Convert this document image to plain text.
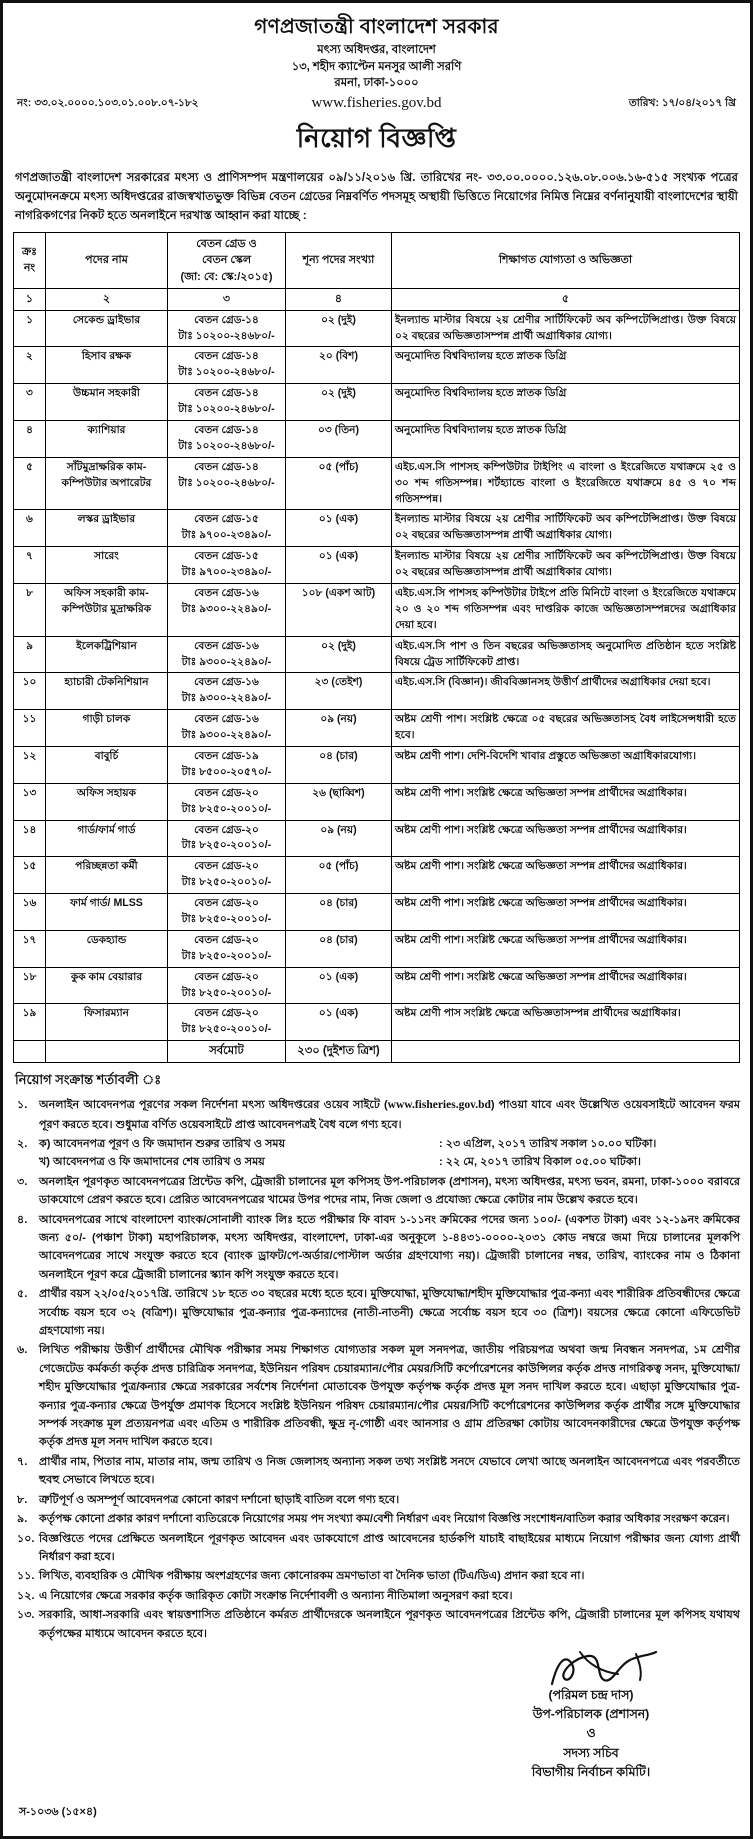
গণপ্রজাতন্ত্রী বাংলাদেশ সরকার
মৎস্য অধিদপ্তর, বাংলাদেশ
১৩, শহীদ ক্যাপ্টেন মনসুর আলী সরণি
রমনা, ঢাকা-১০০০
www.fisheries.gov.bd
নং: ৩৩.০২.০০০০.১০৩.০১.০০৮.০৭-১৮২	তারিখ: ১৭/০৪/২০১৭ খ্রি
নিয়োগ বিজ্ঞপ্তি
গণপ্রজাতন্ত্রী বাংলাদেশ সরকারের মৎস্য ও প্রাণিসম্পদ মন্ত্রণালয়ের ০৯/১১/২০১৬ খ্রি. তারিখের নং- ৩৩.০০.০০০০.১২৬.০৮.০০৬.১৬-৫১৫ সংখ্যক পত্রের অনুমোদনক্রমে মৎস্য অধিদপ্তরের রাজস্বখাতভুক্ত বিভিন্ন বেতন গ্রেডের নিম্নবর্ণিত পদসমূহ অস্থায়ী ভিত্তিতে নিয়োগের নিমিত্ত নিম্নের বর্ণনানুযায়ী বাংলাদেশের স্থায়ী নাগরিকগণের নিকট হতে অনলাইনে দরখাস্ত আহ্বান করা যাচ্ছে :
ক্রঃ
নং	পদের নাম	বেতন গ্রেড ও
বেতন স্কেল
(জা: বে: স্কে:/২০১৫)	শূন্য পদের সংখ্যা	শিক্ষাগত যোগ্যতা ও অভিজ্ঞতা
১	২	৩	৪	৫
১	সেকেন্ড ড্রাইভার	বেতন গ্রেড-১৪
টাঃ ১০২০০-২৪৬৮০/-	০২ (দুই)	ইনল্যান্ড মাস্টার বিষয়ে ২য় শ্রেণীর সার্টিফিকেট অব কম্পিটেন্সিপ্রাপ্ত। উক্ত বিষয়ে ০২ বছরের অভিজ্ঞতাসম্পন্ন প্রার্থী অগ্রাধিকার যোগ্য।
২	হিসাব রক্ষক	বেতন গ্রেড-১৪
টাঃ ১০২০০-২৪৬৮০/-	২০ (বিশ)	অনুমোদিত বিশ্ববিদ্যালয় হতে স্নাতক ডিগ্রি
৩	উচ্চমান সহকারী	বেতন গ্রেড-১৪
টাঃ ১০২০০-২৪৬৮০/-	০২ (দুই)	অনুমোদিত বিশ্ববিদ্যালয় হতে স্নাতক ডিগ্রি
৪	ক্যাশিয়ার	বেতন গ্রেড-১৪
টাঃ ১০২০০-২৪৬৮০/-	০৩ (তিন)	অনুমোদিত বিশ্ববিদ্যালয় হতে স্নাতক ডিগ্রি
৫	সাঁটমুদ্রাক্ষরিক কাম-কম্পিউটার অপারেটর	বেতন গ্রেড-১৪
টাঃ ১০২০০-২৪৬৮০/-	০৫ (পাঁচ)	এইচ.এস.সি পাশসহ কম্পিউটার টাইপিং এ বাংলা ও ইংরেজিতে যথাক্রমে ২৫ ও ৩০ শব্দ গতিসম্পন্ন। শর্টহ্যান্ডে বাংলা ও ইংরেজিতে যথাক্রমে ৪৫ ও ৭০ শব্দ গতিসম্পন্ন।
৬	লস্কর ড্রাইভার	বেতন গ্রেড-১৫
টাঃ ৯৭০০-২৩৪৯০/-	০১ (এক)	ইনল্যান্ড মাস্টার বিষয়ে ২য় শ্রেণীর সার্টিফিকেট অব কম্পিটেন্সিপ্রাপ্ত। উক্ত বিষয়ে ০২ বছরের অভিজ্ঞতাসম্পন্ন প্রার্থী অগ্রাধিকার যোগ্য।
৭	সারেং	বেতন গ্রেড-১৫
টাঃ ৯৭০০-২৩৪৯০/-	০১ (এক)	ইনল্যান্ড মাস্টার বিষয়ে ২য় শ্রেণীর সার্টিফিকেট অব কম্পিটেন্সিপ্রাপ্ত। উক্ত বিষয়ে ০২ বছরের অভিজ্ঞতাসম্পন্ন প্রার্থী অগ্রাধিকার যোগ্য।
৮	অফিস সহকারী কাম-কম্পিউটার মুদ্রাক্ষরিক	বেতন গ্রেড-১৬
টাঃ ৯৩০০-২২৪৯০/-	১০৮ (একশ আট)	এইচ.এস.সি পাশসহ কম্পিউটার টাইপে প্রতি মিনিটে বাংলা ও ইংরেজিতে যথাক্রমে ২০ ও ২০ শব্দ গতিসম্পন্ন এবং দাপ্তরিক কাজে অভিজ্ঞতাসম্পন্নদের অগ্রাধিকার দেয়া হবে।
৯	ইলেকট্রিশিয়ান	বেতন গ্রেড-১৬
টাঃ ৯৩০০-২২৪৯০/-	০২ (দুই)	এইচ.এস.সি পাশ ও তিন বছরের অভিজ্ঞতাসহ অনুমোদিত প্রতিষ্ঠান হতে সংশ্লিষ্ট বিষয়ে ট্রেড সার্টিফিকেট প্রাপ্ত।
১০	হ্যাচারী টেকনিশিয়ান	বেতন গ্রেড-১৬
টাঃ ৯৩০০-২২৪৯০/-	২৩ (তেইশ)	এইচ.এস.সি (বিজ্ঞান)। জীববিজ্ঞানসহ উত্তীর্ণ প্রার্থীদের অগ্রাধিকার দেয়া হবে।
১১	গাড়ী চালক	বেতন গ্রেড-১৬
টাঃ ৯৩০০-২২৪৯০/-	০৯ (নয়)	অষ্টম শ্রেণী পাশ। সংশ্লিষ্ট ক্ষেত্রে ০৫ বছরের অভিজ্ঞতাসহ বৈধ লাইসেন্সধারী হতে হবে।
১২	বাবুর্চি	বেতন গ্রেড-১৯
টাঃ ৮৫০০-২০৫৭০/-	০৪ (চার)	অষ্টম শ্রেণী পাশ। দেশি-বিদেশি খাবার প্রস্তুতে অভিজ্ঞতা অগ্রাধিকারযোগ্য।
১৩	অফিস সহায়ক	বেতন গ্রেড-২০
টাঃ ৮২৫০-২০০১০/-	২৬ (ছাব্বিশ)	অষ্টম শ্রেণী পাশ। সংশ্লিষ্ট ক্ষেত্রে অভিজ্ঞতা সম্পন্ন প্রার্থীদের অগ্রাধিকার।
১৪	গার্ড/ফার্ম গার্ড	বেতন গ্রেড-২০
টাঃ ৮২৫০-২০০১০/-	০৯ (নয়)	অষ্টম শ্রেণী পাশ। সংশ্লিষ্ট ক্ষেত্রে অভিজ্ঞতা সম্পন্ন প্রার্থীদের অগ্রাধিকার।
১৫	পরিচ্ছন্নতা কর্মী	বেতন গ্রেড-২০
টাঃ ৮২৫০-২০০১০/-	০৫ (পাঁচ)	অষ্টম শ্রেণী পাশ। সংশ্লিষ্ট ক্ষেত্রে অভিজ্ঞতা সম্পন্ন প্রার্থীদের অগ্রাধিকার।
১৬	ফার্ম গার্ড/ MLSS	বেতন গ্রেড-২০
টাঃ ৮২৫০-২০০১০/-	০৪ (চার)	অষ্টম শ্রেণী পাশ। সংশ্লিষ্ট ক্ষেত্রে অভিজ্ঞতা সম্পন্ন প্রার্থীদের অগ্রাধিকার।
১৭	ডেকহ্যান্ড	বেতন গ্রেড-২০
টাঃ ৮২৫০-২০০১০/-	০৪ (চার)	অষ্টম শ্রেণী পাশ। সংশ্লিষ্ট ক্ষেত্রে অভিজ্ঞতা সম্পন্ন প্রার্থীদের অগ্রাধিকার।
১৮	কুক কাম বেয়ারার	বেতন গ্রেড-২০
টাঃ ৮২৫০-২০০১০/-	০১ (এক)	অষ্টম শ্রেণী পাশ। সংশ্লিষ্ট ক্ষেত্রে অভিজ্ঞতা সম্পন্ন প্রার্থীদের অগ্রাধিকার।
১৯	ফিসারম্যান	বেতন গ্রেড-২০
টাঃ ৮২৫০-২০০১০/-	০১ (এক)	অষ্টম শ্রেণী পাস সংশ্লিষ্ট ক্ষেত্রে অভিজ্ঞতাসম্পন্ন প্রার্থীদের অগ্রাধিকার।
		সর্বমোট	২৩০ (দুইশত ত্রিশ)	
নিয়োগ সংক্রান্ত শর্তাবলী ঃ
১.	অনলাইন আবেদনপত্র পূরণের সকল নির্দেশনা মৎস্য অধিদপ্তরের ওয়েব সাইটে (www.fisheries.gov.bd) পাওয়া যাবে এবং উল্লেখিত ওয়েবসাইটে আবেদন ফরম পূরণ করতে হবে। শুধুমাত্র বর্ণিত ওয়েবসাইটে প্রাপ্ত আবেদনপত্রই বৈধ বলে গণ্য হবে।
২.	ক) আবেদনপত্র পূরণ ও ফি জমাদান শুরুর তারিখ ও সময়	: ২৩ এপ্রিল, ২০১৭ তারিখ সকাল ১০.০০ ঘটিকা।
খ) আবেদনপত্র ও ফি জমাদানের শেষ তারিখ ও সময়	: ২২ মে, ২০১৭ তারিখ বিকাল ০৫.০০ ঘটিকা।
৩.	অনলাইন পূরণকৃত আবেদনপত্রের প্রিন্টেড কপি, ট্রেজারী চালানের মূল কপিসহ উপ-পরিচালক (প্রশাসন), মৎস্য অধিদপ্তর, মৎস্য ভবন, রমনা, ঢাকা-১০০০ বরাবরে ডাকযোগে প্রেরণ করতে হবে। প্রেরিত আবেদনপত্রের খামের উপর পদের নাম, নিজ জেলা ও প্রযোজ্য ক্ষেত্রে কোটার নাম উল্লেখ করতে হবে।
৪.	আবেদনপত্রের সাথে বাংলাদেশ ব্যাংক/সোনালী ব্যাংক লিঃ হতে পরীক্ষার ফি বাবদ ১-১১নং ক্রমিকের পদের জন্য ১০০/- (একশত টাকা) এবং ১২-১৯নং ক্রমিকের জন্য ৫০/- (পঞ্চাশ টাকা) মহাপরিচালক, মৎস্য অধিদপ্তর, বাংলাদেশ, ঢাকা-এর অনুকূলে ১-৪৪৩১-০০০০-২০৩১ কোড নম্বরে জমা দিয়ে চালানের মূলকপি আবেদনপত্রের সাথে সংযুক্ত করতে হবে (ব্যাংক ড্রাফট/পে-অর্ডার/পোস্টাল অর্ডার গ্রহণযোগ্য নয়)। ট্রেজারী চালানের নম্বর, তারিখ, ব্যাংকের নাম ও ঠিকানা অনলাইনে পূরণ করে ট্রেজারী চালানের স্ক্যান কপি সংযুক্ত করতে হবে।
৫.	প্রার্থীর বয়স ২২/০৫/২০১৭খ্রি. তারিখে ১৮ হতে ৩০ বছরের মধ্যে হতে হবে। মুক্তিযোদ্ধা, মুক্তিযোদ্ধা/শহীদ মুক্তিযোদ্ধার পুত্র-কন্যা এবং শারীরিক প্রতিবন্ধীদের ক্ষেত্রে সর্বোচ্চ বয়স হবে ৩২ (বত্রিশ)। মুক্তিযোদ্ধার পুত্র-কন্যার পুত্র-কন্যাদের (নাতী-নাতনী) ক্ষেত্রে সর্বোচ্চ বয়স হবে ৩০ (ত্রিশ)। বয়সের ক্ষেত্রে কোনো এফিডেভিট গ্রহণযোগ্য নয়।
৬.	লিখিত পরীক্ষায় উত্তীর্ণ প্রার্থীদের মৌখিক পরীক্ষার সময় শিক্ষাগত যোগ্যতার সকল মূল সনদপত্র, জাতীয় পরিচয়পত্র অথবা জন্ম নিবন্ধন সনদপত্র, ১ম শ্রেণীর গেজেটেড কর্মকর্তা কর্তৃক প্রদত্ত চারিত্রিক সনদপত্র, ইউনিয়ন পরিষদ চেয়ারম্যান/পৌর মেয়র/সিটি কর্পোরেশনের কাউন্সিলর কর্তৃক প্রদত্ত নাগরিকত্ব সনদ, মুক্তিযোদ্ধা/শহীদ মুক্তিযোদ্ধার পুত্র/কন্যার ক্ষেত্রে সরকারের সর্বশেষ নির্দেশনা মোতাবেক উপযুক্ত কর্তৃপক্ষ কর্তৃক প্রদত্ত মূল সনদ দাখিল করতে হবে। এছাড়া মুক্তিযোদ্ধার পুত্র-কন্যার পুত্র-কন্যার ক্ষেত্রে উপর্যুক্ত প্রমাণক হিসেবে সংশ্লিষ্ট ইউনিয়ন পরিষদ চেয়ারম্যান/পৌর মেয়র/সিটি কর্পোরেশনের কাউন্সিলর কর্তৃক প্রার্থীর সঙ্গে মুক্তিযোদ্ধার সম্পর্ক সংক্রান্ত মূল প্রত্যয়নপত্র এবং এতিম ও শারীরিক প্রতিবন্ধী, ক্ষুদ্র নৃ-গোষ্ঠী এবং আনসার ও গ্রাম প্রতিরক্ষা কোটায় আবেদনকারীদের ক্ষেত্রে উপযুক্ত কর্তৃপক্ষ কর্তৃক প্রদত্ত মূল সনদ দাখিল করতে হবে।
৭.	প্রার্থীর নাম, পিতার নাম, মাতার নাম, জন্ম তারিখ ও নিজ জেলাসহ অন্যান্য সকল তথ্য সংশ্লিষ্ট সনদে যেভাবে লেখা আছে অনলাইন আবেদনপত্রে এবং পরবর্তীতে হুবহু সেভাবে লিখতে হবে।
৮.	ত্রুটিপূর্ণ ও অসম্পূর্ণ আবেদনপত্র কোনো কারণ দর্শানো ছাড়াই বাতিল বলে গণ্য হবে।
৯.	কর্তৃপক্ষ কোনো প্রকার কারণ দর্শানো ব্যতিরেকে নিয়োগের সময় পদ সংখ্যা কম/বেশী নির্ধারণ এবং নিয়োগ বিজ্ঞপ্তি সংশোধন/বাতিল করার অধিকার সংরক্ষণ করেন।
১০. বিজ্ঞপ্তিতে পদের প্রেক্ষিতে অনলাইনে পূরণকৃত আবেদন এবং ডাকযোগে প্রাপ্ত আবেদনের হার্ডকপি যাচাই বাছাইয়ের মাধ্যমে নিয়োগ পরীক্ষার জন্য যোগ্য প্রার্থী নির্ধারণ করা হবে।
১১. লিখিত, ব্যবহারিক ও মৌখিক পরীক্ষায় অংশগ্রহণের জন্য কোনোরকম ভ্রমণভাতা বা দৈনিক ভাতা (টিএ/ডিএ) প্রদান করা হবে না।
১২. এ নিয়োগের ক্ষেত্রে সরকার কর্তৃক জারিকৃত কোটা সংক্রান্ত নির্দেশাবলী ও অন্যান্য নীতিমালা অনুসরণ করা হবে।
১৩. সরকারি, আধা-সরকারি এবং স্বায়ত্তশাসিত প্রতিষ্ঠানে কর্মরত প্রার্থীদেরকে অনলাইনে পূরণকৃত আবেদনপত্রের প্রিন্টেড কপি, ট্রেজারী চালানের মূল কপিসহ যথাযথ কর্তৃপক্ষের মাধ্যমে আবেদন করতে হবে।
(পরিমল চন্দ্র দাস)
উপ-পরিচালক (প্রশাসন)
ও
সদস্য সচিব
বিভাগীয় নির্বাচন কমিটি।
স-১০৩৬ (১৫×৪)
